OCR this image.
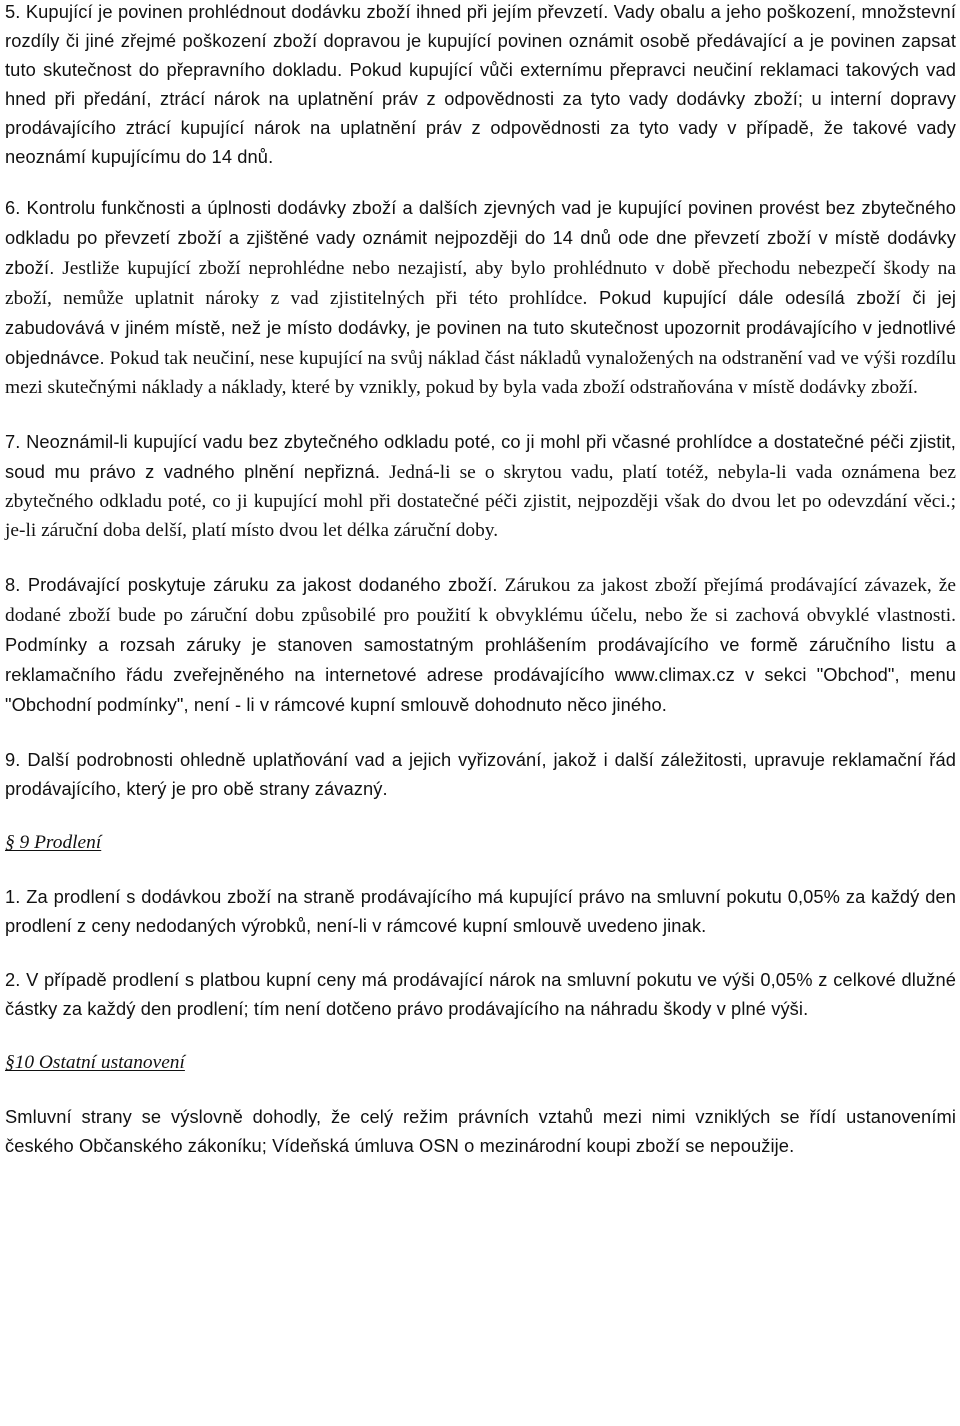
5. Kupující je povinen prohlédnout dodávku zboží ihned při jejím převzetí. Vady obalu a jeho poškození, množstevní rozdíly či jiné zřejmé poškození zboží dopravou je kupující povinen oznámit osobě předávající a je povinen zapsat tuto skutečnost do přepravního dokladu. Pokud kupující vůči externímu přepravci neučiní reklamaci takových vad hned při předání, ztrácí nárok na uplatnění práv z odpovědnosti za tyto vady dodávky zboží; u interní dopravy prodávajícího ztrácí kupující nárok na uplatnění práv z odpovědnosti za tyto vady v případě, že takové vady neoznámí kupujícímu do 14 dnů.

6. Kontrolu funkčnosti a úplnosti dodávky zboží a dalších zjevných vad je kupující povinen provést bez zbytečného odkladu po převzetí zboží a zjištěné vady oznámit nejpozději do 14 dnů ode dne převzetí zboží v místě dodávky zboží. Jestliže kupující zboží neprohlédne nebo nezajistí, aby bylo prohlédnuto v době přechodu nebezpečí škody na zboží, nemůže uplatnit nároky z vad zjistitelných při této prohlídce. Pokud kupující dále odesílá zboží či jej zabudovává v jiném místě, než je místo dodávky, je povinen na tuto skutečnost upozornit prodávajícího v jednotlivé objednávce. Pokud tak neučiní, nese kupující na svůj náklad část nákladů vynaložených na odstranění vad ve výši rozdílu mezi skutečnými náklady a náklady, které by vznikly, pokud by byla vada zboží odstraňována v místě dodávky zboží.

7. Neoznámil-li kupující vadu bez zbytečného odkladu poté, co ji mohl při včasné prohlídce a dostatečné péči zjistit, soud mu právo z vadného plnění nepřizná. Jedná-li se o skrytou vadu, platí totéž, nebyla-li vada oznámena bez zbytečného odkladu poté, co ji kupující mohl při dostatečné péči zjistit, nejpozději však do dvou let po odevzdání věci.; je-li záruční doba delší, platí místo dvou let délka záruční doby.

8. Prodávající poskytuje záruku za jakost dodaného zboží. Zárukou za jakost zboží přejímá prodávající závazek, že dodané zboží bude po záruční dobu způsobilé pro použití k obvyklému účelu, nebo že si zachová obvyklé vlastnosti. Podmínky a rozsah záruky je stanoven samostatným prohlášením prodávajícího ve formě záručního listu a reklamačního řádu zveřejněného na internetové adrese prodávajícího www.climax.cz v sekci "Obchod", menu "Obchodní podmínky", není - li v rámcové kupní smlouvě dohodnuto něco jiného.

9. Další podrobnosti ohledně uplatňování vad a jejich vyřizování, jakož i další záležitosti, upravuje reklamační řád prodávajícího, který je pro obě strany závazný.

§ 9 Prodlení

1. Za prodlení s dodávkou zboží na straně prodávajícího má kupující právo na smluvní pokutu 0,05% za každý den prodlení z ceny nedodaných výrobků, není-li v rámcové kupní smlouvě uvedeno jinak.

2. V případě prodlení s platbou kupní ceny má prodávající nárok na smluvní pokutu ve výši 0,05% z celkové dlužné částky za každý den prodlení; tím není dotčeno právo prodávajícího na náhradu škody v plné výši.

§10 Ostatní ustanovení

Smluvní strany se výslovně dohodly, že celý režim právních vztahů mezi nimi vzniklých se řídí ustanoveními českého Občanského zákoníku; Vídeňská úmluva OSN o mezinárodní koupi zboží se nepoužije.
